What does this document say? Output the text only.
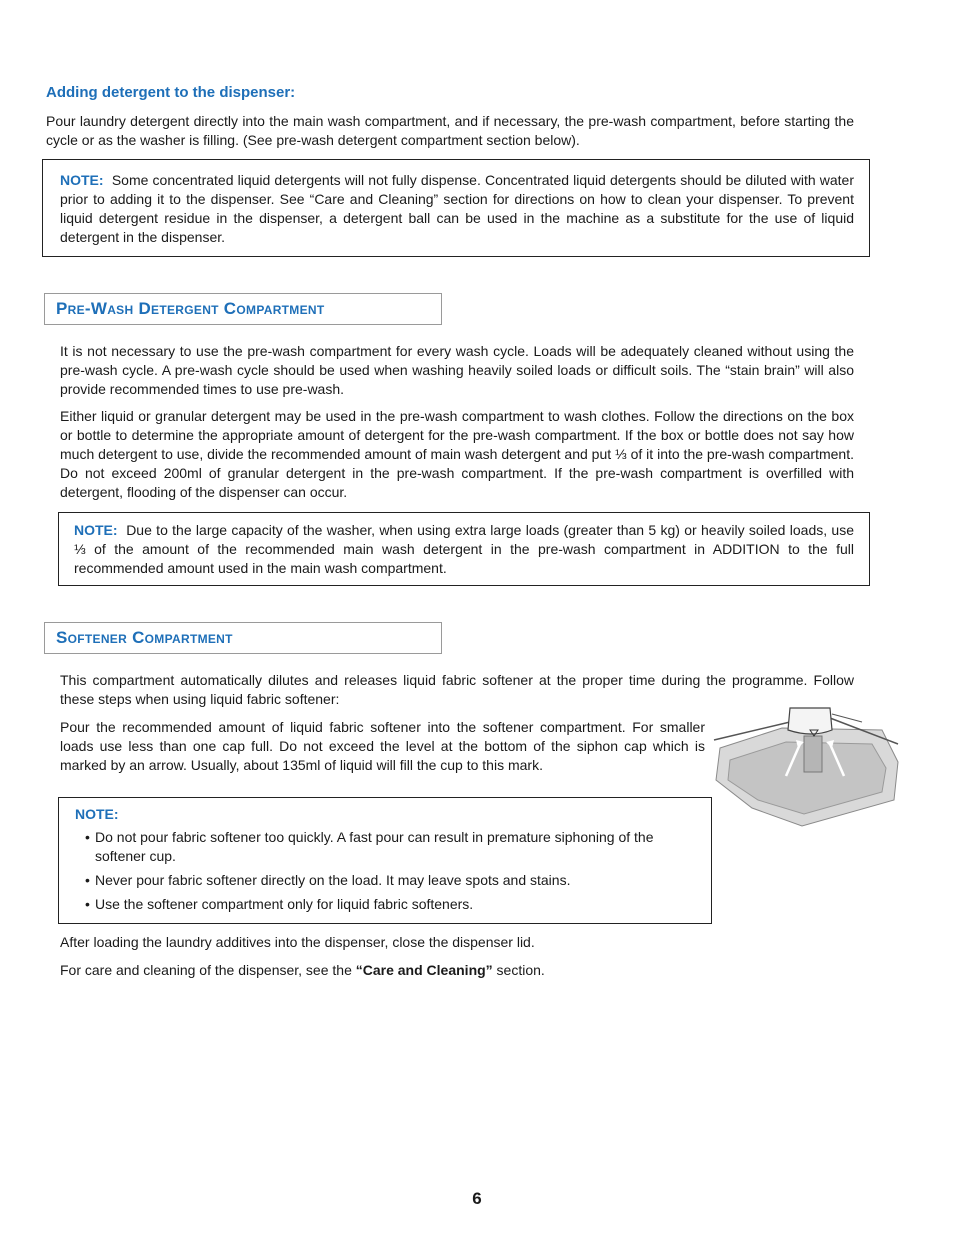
Adding detergent to the dispenser:

Pour laundry detergent directly into the main wash compartment, and if necessary, the pre-wash compartment, before starting the cycle or as the washer is filling. (See pre-wash detergent compartment section below).

NOTE: Some concentrated liquid detergents will not fully dispense. Concentrated liquid detergents should be diluted with water prior to adding it to the dispenser. See “Care and Cleaning” section for directions on how to clean your dispenser. To prevent liquid detergent residue in the dispenser, a detergent ball can be used in the machine as a substitute for the use of liquid detergent in the dispenser.

Pre-Wash Detergent Compartment

It is not necessary to use the pre-wash compartment for every wash cycle. Loads will be adequately cleaned without using the pre-wash cycle. A pre-wash cycle should be used when washing heavily soiled loads or difficult soils. The “stain brain” will also provide recommended times to use pre-wash.

Either liquid or granular detergent may be used in the pre-wash compartment to wash clothes. Follow the directions on the box or bottle to determine the appropriate amount of detergent for the pre-wash compartment. If the box or bottle does not say how much detergent to use, divide the recommended amount of main wash detergent and put ⅓ of it into the pre-wash compartment. Do not exceed 200ml of granular detergent in the pre-wash compartment. If the pre-wash compartment is overfilled with detergent, flooding of the dispenser can occur.

NOTE: Due to the large capacity of the washer, when using extra large loads (greater than 5 kg) or heavily soiled loads, use ⅓ of the amount of the recommended main wash detergent in the pre-wash compartment in ADDITION to the full recommended amount used in the main wash compartment.

Softener Compartment

This compartment automatically dilutes and releases liquid fabric softener at the proper time during the programme. Follow these steps when using liquid fabric softener:

Pour the recommended amount of liquid fabric softener into the softener compartment. For smaller loads use less than one cap full. Do not exceed the level at the bottom of the siphon cap which is marked by an arrow. Usually, about 135ml of liquid will fill the cup to this mark.

NOTE:
• Do not pour fabric softener too quickly. A fast pour can result in premature siphoning of the softener cup.
• Never pour fabric softener directly on the load. It may leave spots and stains.
• Use the softener compartment only for liquid fabric softeners.

After loading the laundry additives into the dispenser, close the dispenser lid.

For care and cleaning of the dispenser, see the “Care and Cleaning” section.

6
